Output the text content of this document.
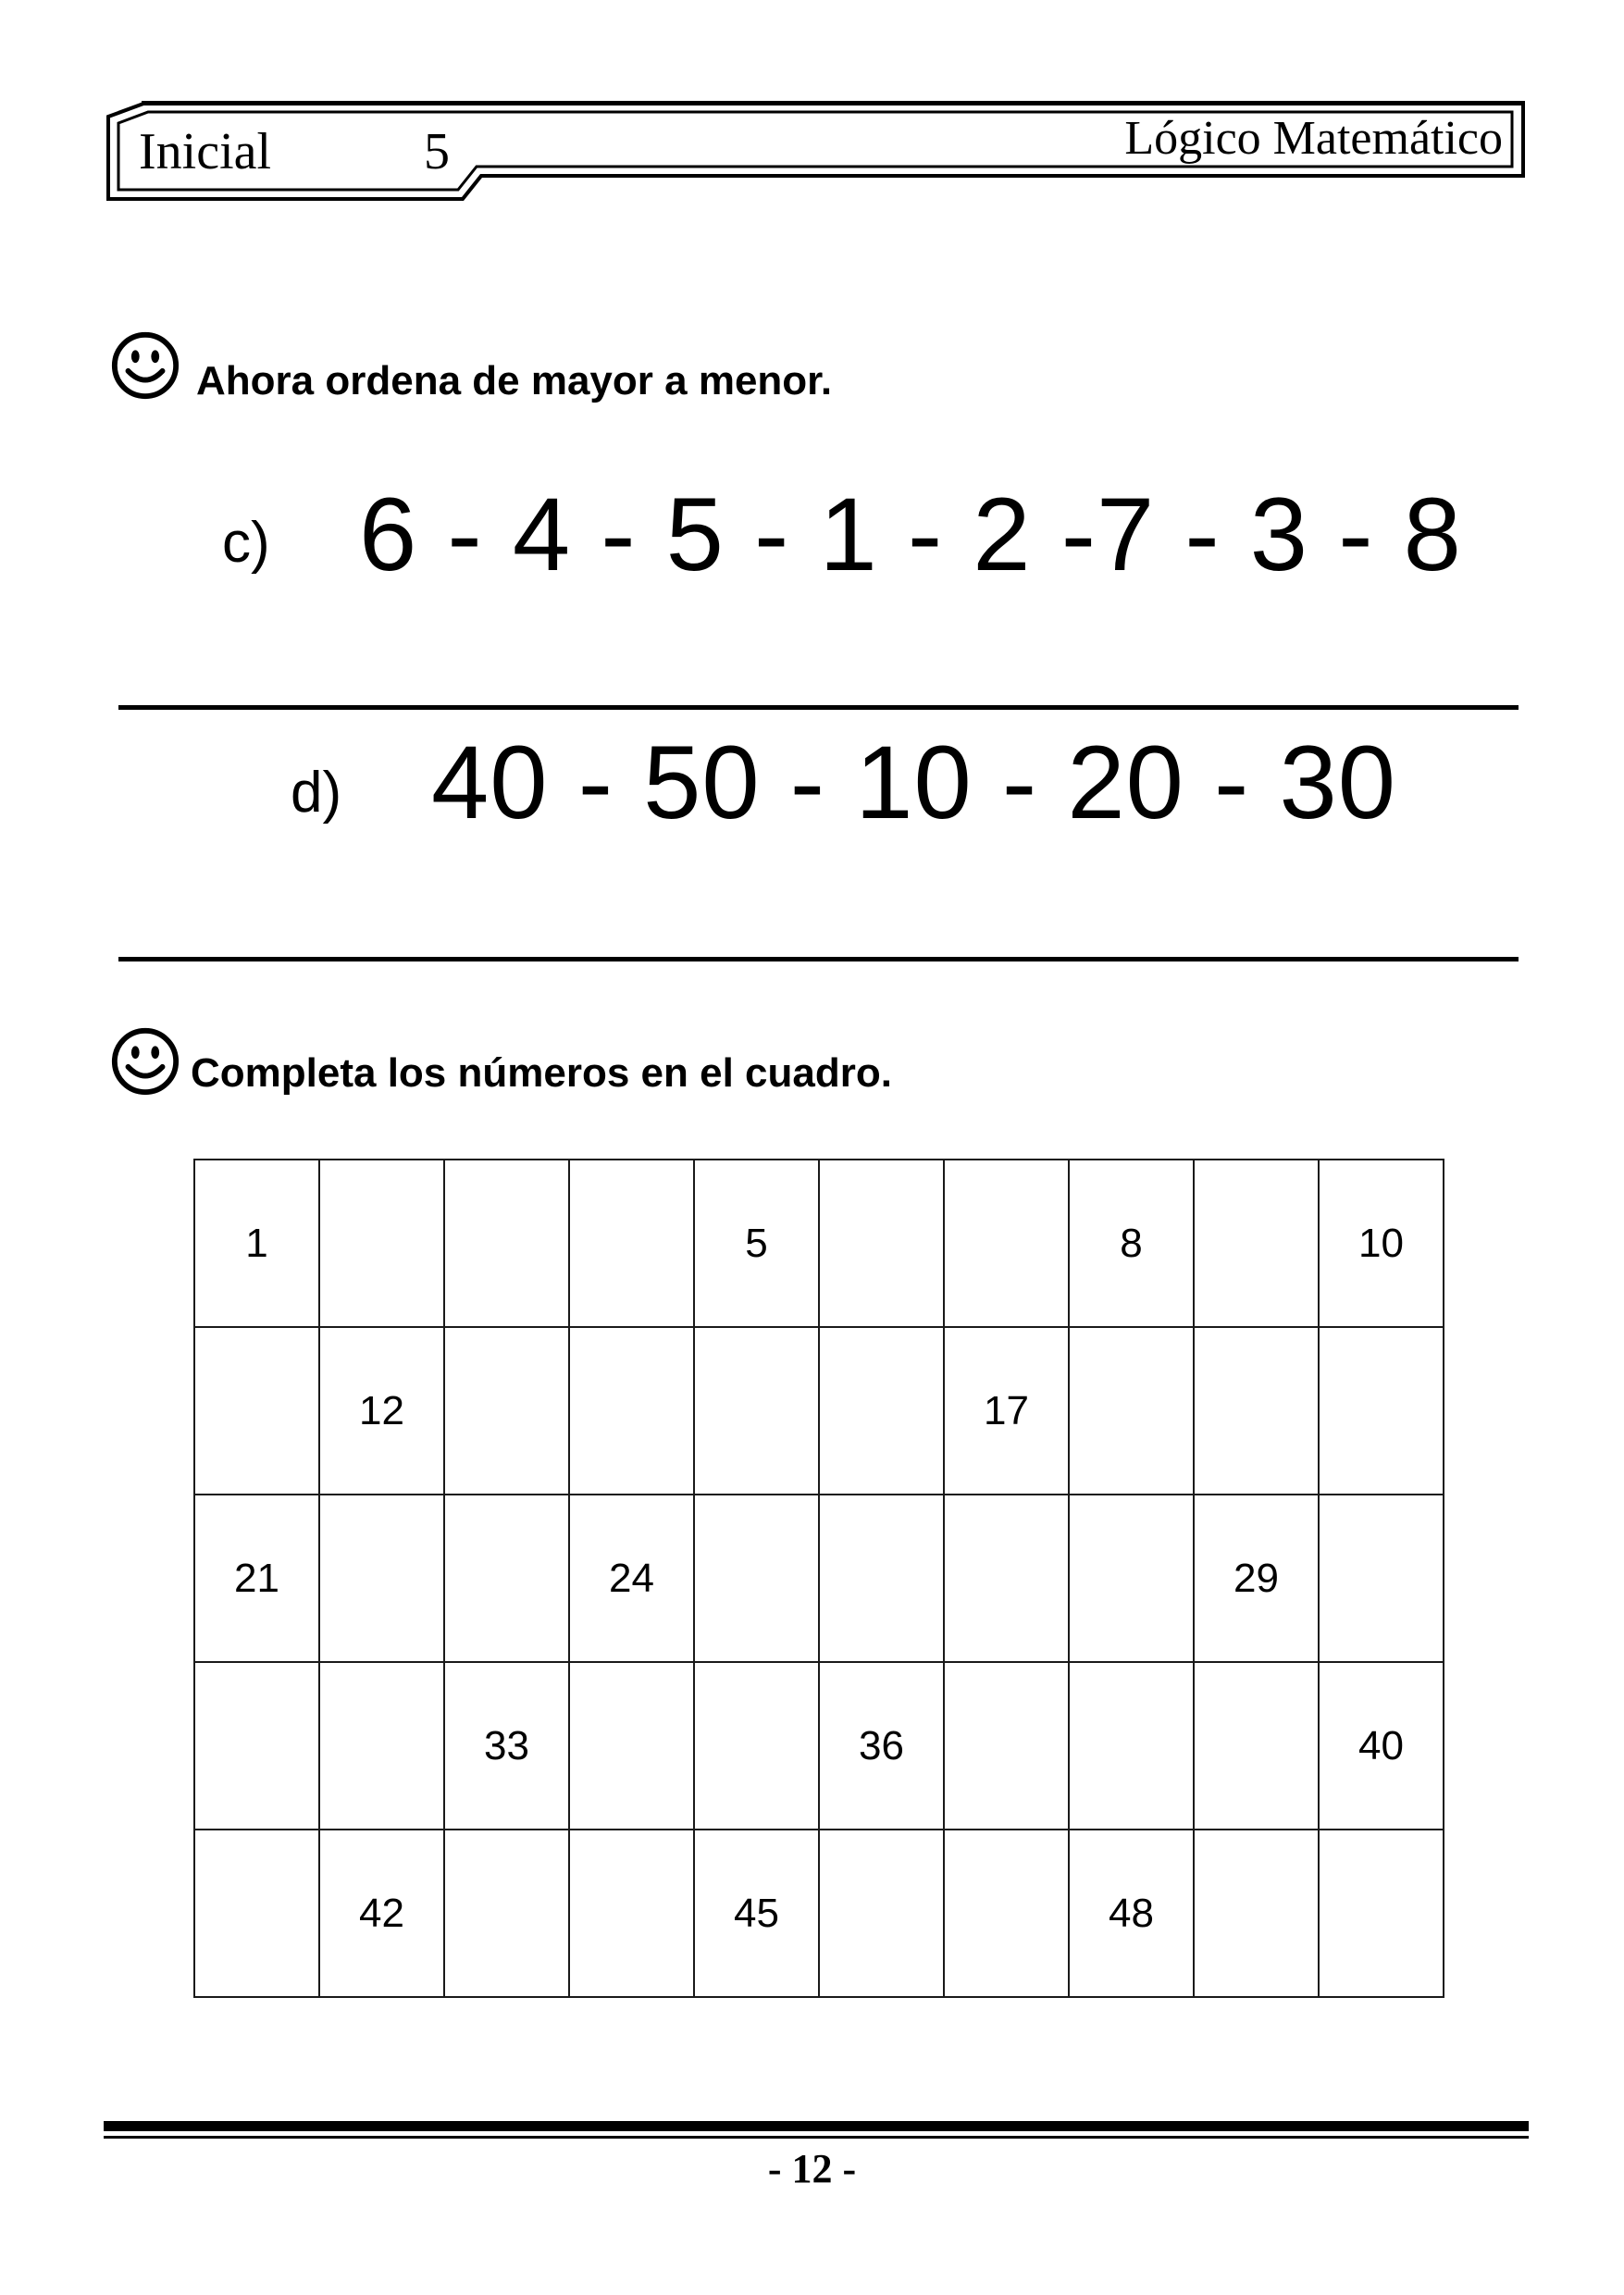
Inicial	5	Lógico Matemático
Ahora ordena de mayor a menor.
c) 6 - 4 - 5 - 1 - 2 -7 - 3 - 8
d) 40 - 50 - 10 - 20 - 30
Completa los números en el cuadro.
1				5			8		10
	12					17			
21			24					29	
		33			36				40
	42			45			48		
- 12 -
